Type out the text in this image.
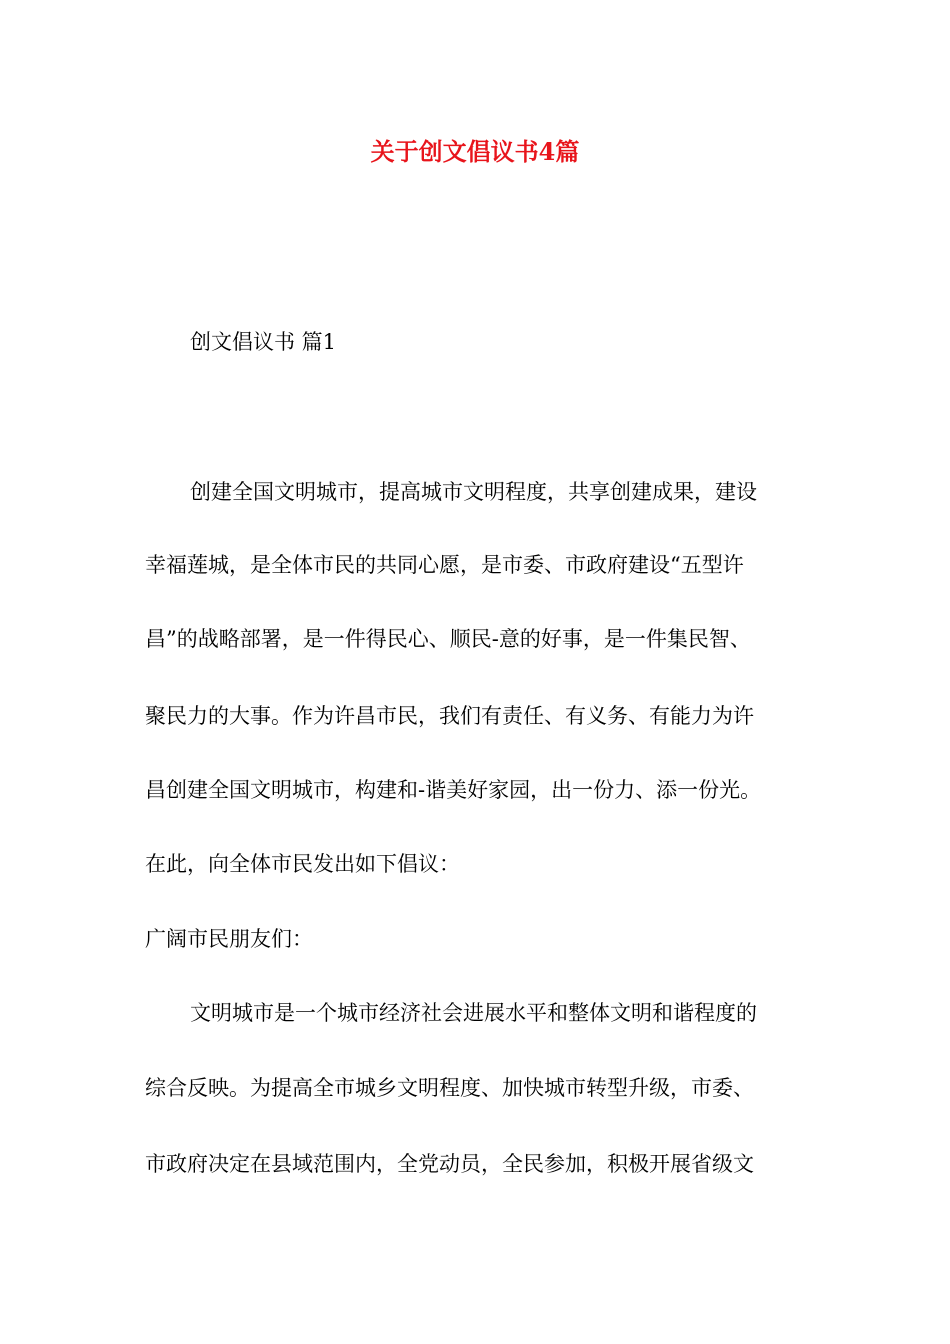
关于创文倡议书4篇

创文倡议书 篇1

创建全国文明城市，提高城市文明程度，共享创建成果，建设

幸福莲城，是全体市民的共同心愿，是市委、市政府建设“五型许

昌”的战略部署，是一件得民心、顺民-意的好事，是一件集民智、

聚民力的大事。作为许昌市民，我们有责任、有义务、有能力为许

昌创建全国文明城市，构建和-谐美好家园，出一份力、添一份光。

在此，向全体市民发出如下倡议：

广阔市民朋友们：

文明城市是一个城市经济社会进展水平和整体文明和谐程度的

综合反映。为提高全市城乡文明程度、加快城市转型升级，市委、

市政府决定在县域范围内，全党动员，全民参加，积极开展省级文
